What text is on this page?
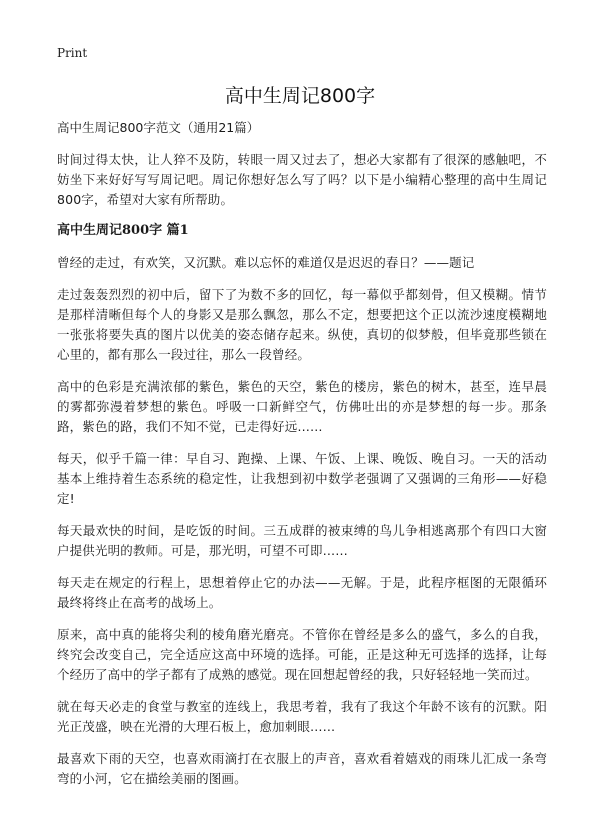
Print
高中生周记800字

高中生周记800字范文（通用21篇）

时间过得太快，让人猝不及防，转眼一周又过去了，想必大家都有了很深的感触吧，不妨坐下来好好写写周记吧。周记你想好怎么写了吗？以下是小编精心整理的高中生周记800字，希望对大家有所帮助。

高中生周记800字 篇1

曾经的走过，有欢笑，又沉默。难以忘怀的难道仅是迟迟的春日？——题记

走过轰轰烈烈的初中后，留下了为数不多的回忆，每一幕似乎都刻骨，但又模糊。情节是那样清晰但每个人的身影又是那么飘忽，那么不定，想要把这个正以流沙速度模糊地一张张将要失真的图片以优美的姿态储存起来。纵使，真切的似梦般，但毕竟那些锁在心里的，都有那么一段过往，那么一段曾经。

高中的色彩是充满浓郁的紫色，紫色的天空，紫色的楼房，紫色的树木，甚至，连早晨的雾都弥漫着梦想的紫色。呼吸一口新鲜空气，仿佛吐出的亦是梦想的每一步。那条路，紫色的路，我们不知不觉，已走得好远……

每天，似乎千篇一律：早自习、跑操、上课、午饭、上课、晚饭、晚自习。一天的活动基本上维持着生态系统的稳定性，让我想到初中数学老强调了又强调的三角形——好稳定!

每天最欢快的时间，是吃饭的时间。三五成群的被束缚的鸟儿争相逃离那个有四口大窗户提供光明的教师。可是，那光明，可望不可即……

每天走在规定的行程上，思想着停止它的办法——无解。于是，此程序框图的无限循环最终将终止在高考的战场上。

原来，高中真的能将尖利的棱角磨光磨亮。不管你在曾经是多么的盛气，多么的自我，终究会改变自己，完全适应这高中环境的选择。可能，正是这种无可选择的选择，让每个经历了高中的学子都有了成熟的感觉。现在回想起曾经的我，只好轻轻地一笑而过。

就在每天必走的食堂与教室的连线上，我思考着，我有了我这个年龄不该有的沉默。阳光正茂盛，映在光滑的大理石板上，愈加刺眼……

最喜欢下雨的天空，也喜欢雨滴打在衣服上的声音，喜欢看着嬉戏的雨珠儿汇成一条弯弯的小河，它在描绘美丽的图画。
